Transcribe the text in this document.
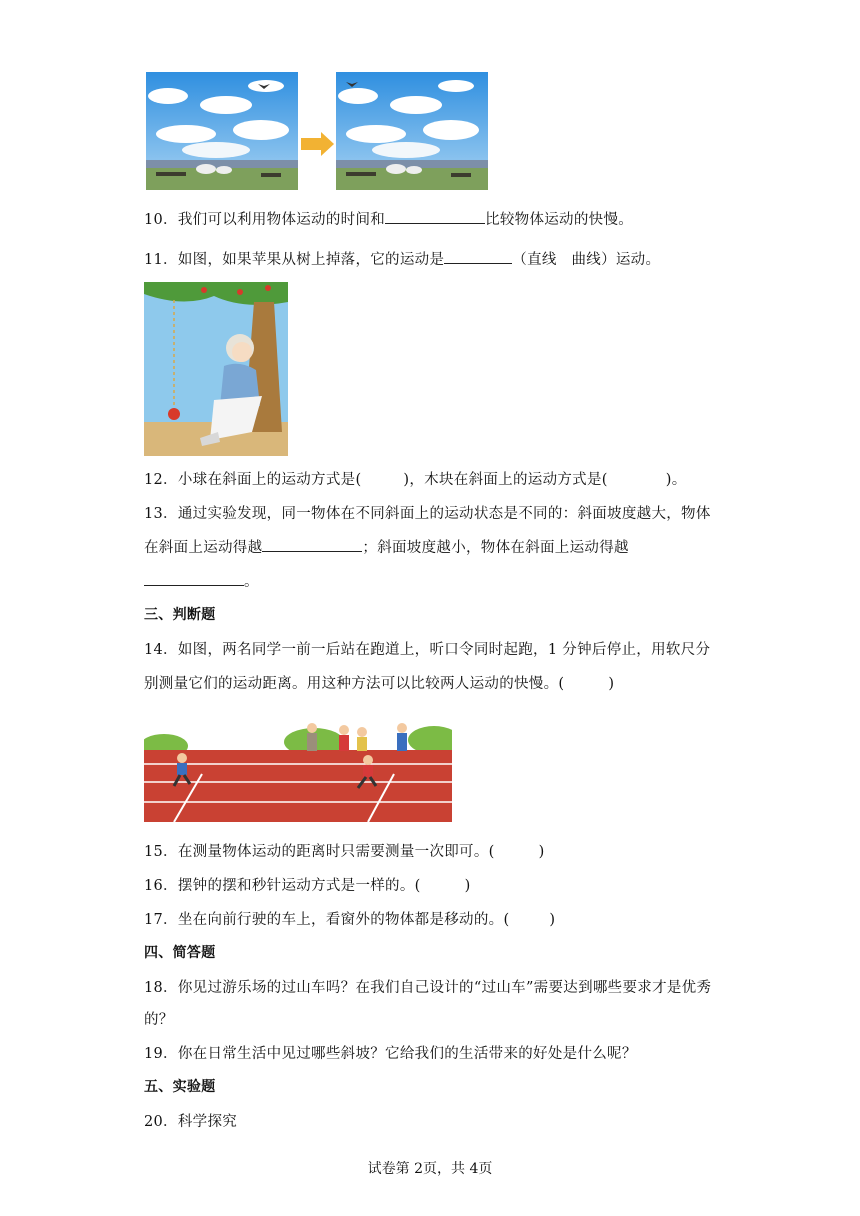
10．我们可以利用物体运动的时间和	比较物体运动的快慢。
11．如图，如果苹果从树上掉落，它的运动是	（直线　曲线）运动。
12．小球在斜面上的运动方式是(	)，木块在斜面上的运动方式是(	)。
13．通过实验发现，同一物体在不同斜面上的运动状态是不同的：斜面坡度越大，物体
在斜面上运动得越	；斜面坡度越小，物体在斜面上运动得越
。
三、判断题
14．如图，两名同学一前一后站在跑道上，听口令同时起跑，1 分钟后停止，用软尺分
别测量它们的运动距离。用这种方法可以比较两人运动的快慢。(	)
15．在测量物体运动的距离时只需要测量一次即可。(	)
16．摆钟的摆和秒针运动方式是一样的。(	)
17．坐在向前行驶的车上，看窗外的物体都是移动的。(	)
四、简答题
18．你见过游乐场的过山车吗？在我们自己设计的“过山车”需要达到哪些要求才是优秀
的？
19．你在日常生活中见过哪些斜坡？它给我们的生活带来的好处是什么呢？
五、实验题
20．科学探究
试卷第 2页，共 4页
